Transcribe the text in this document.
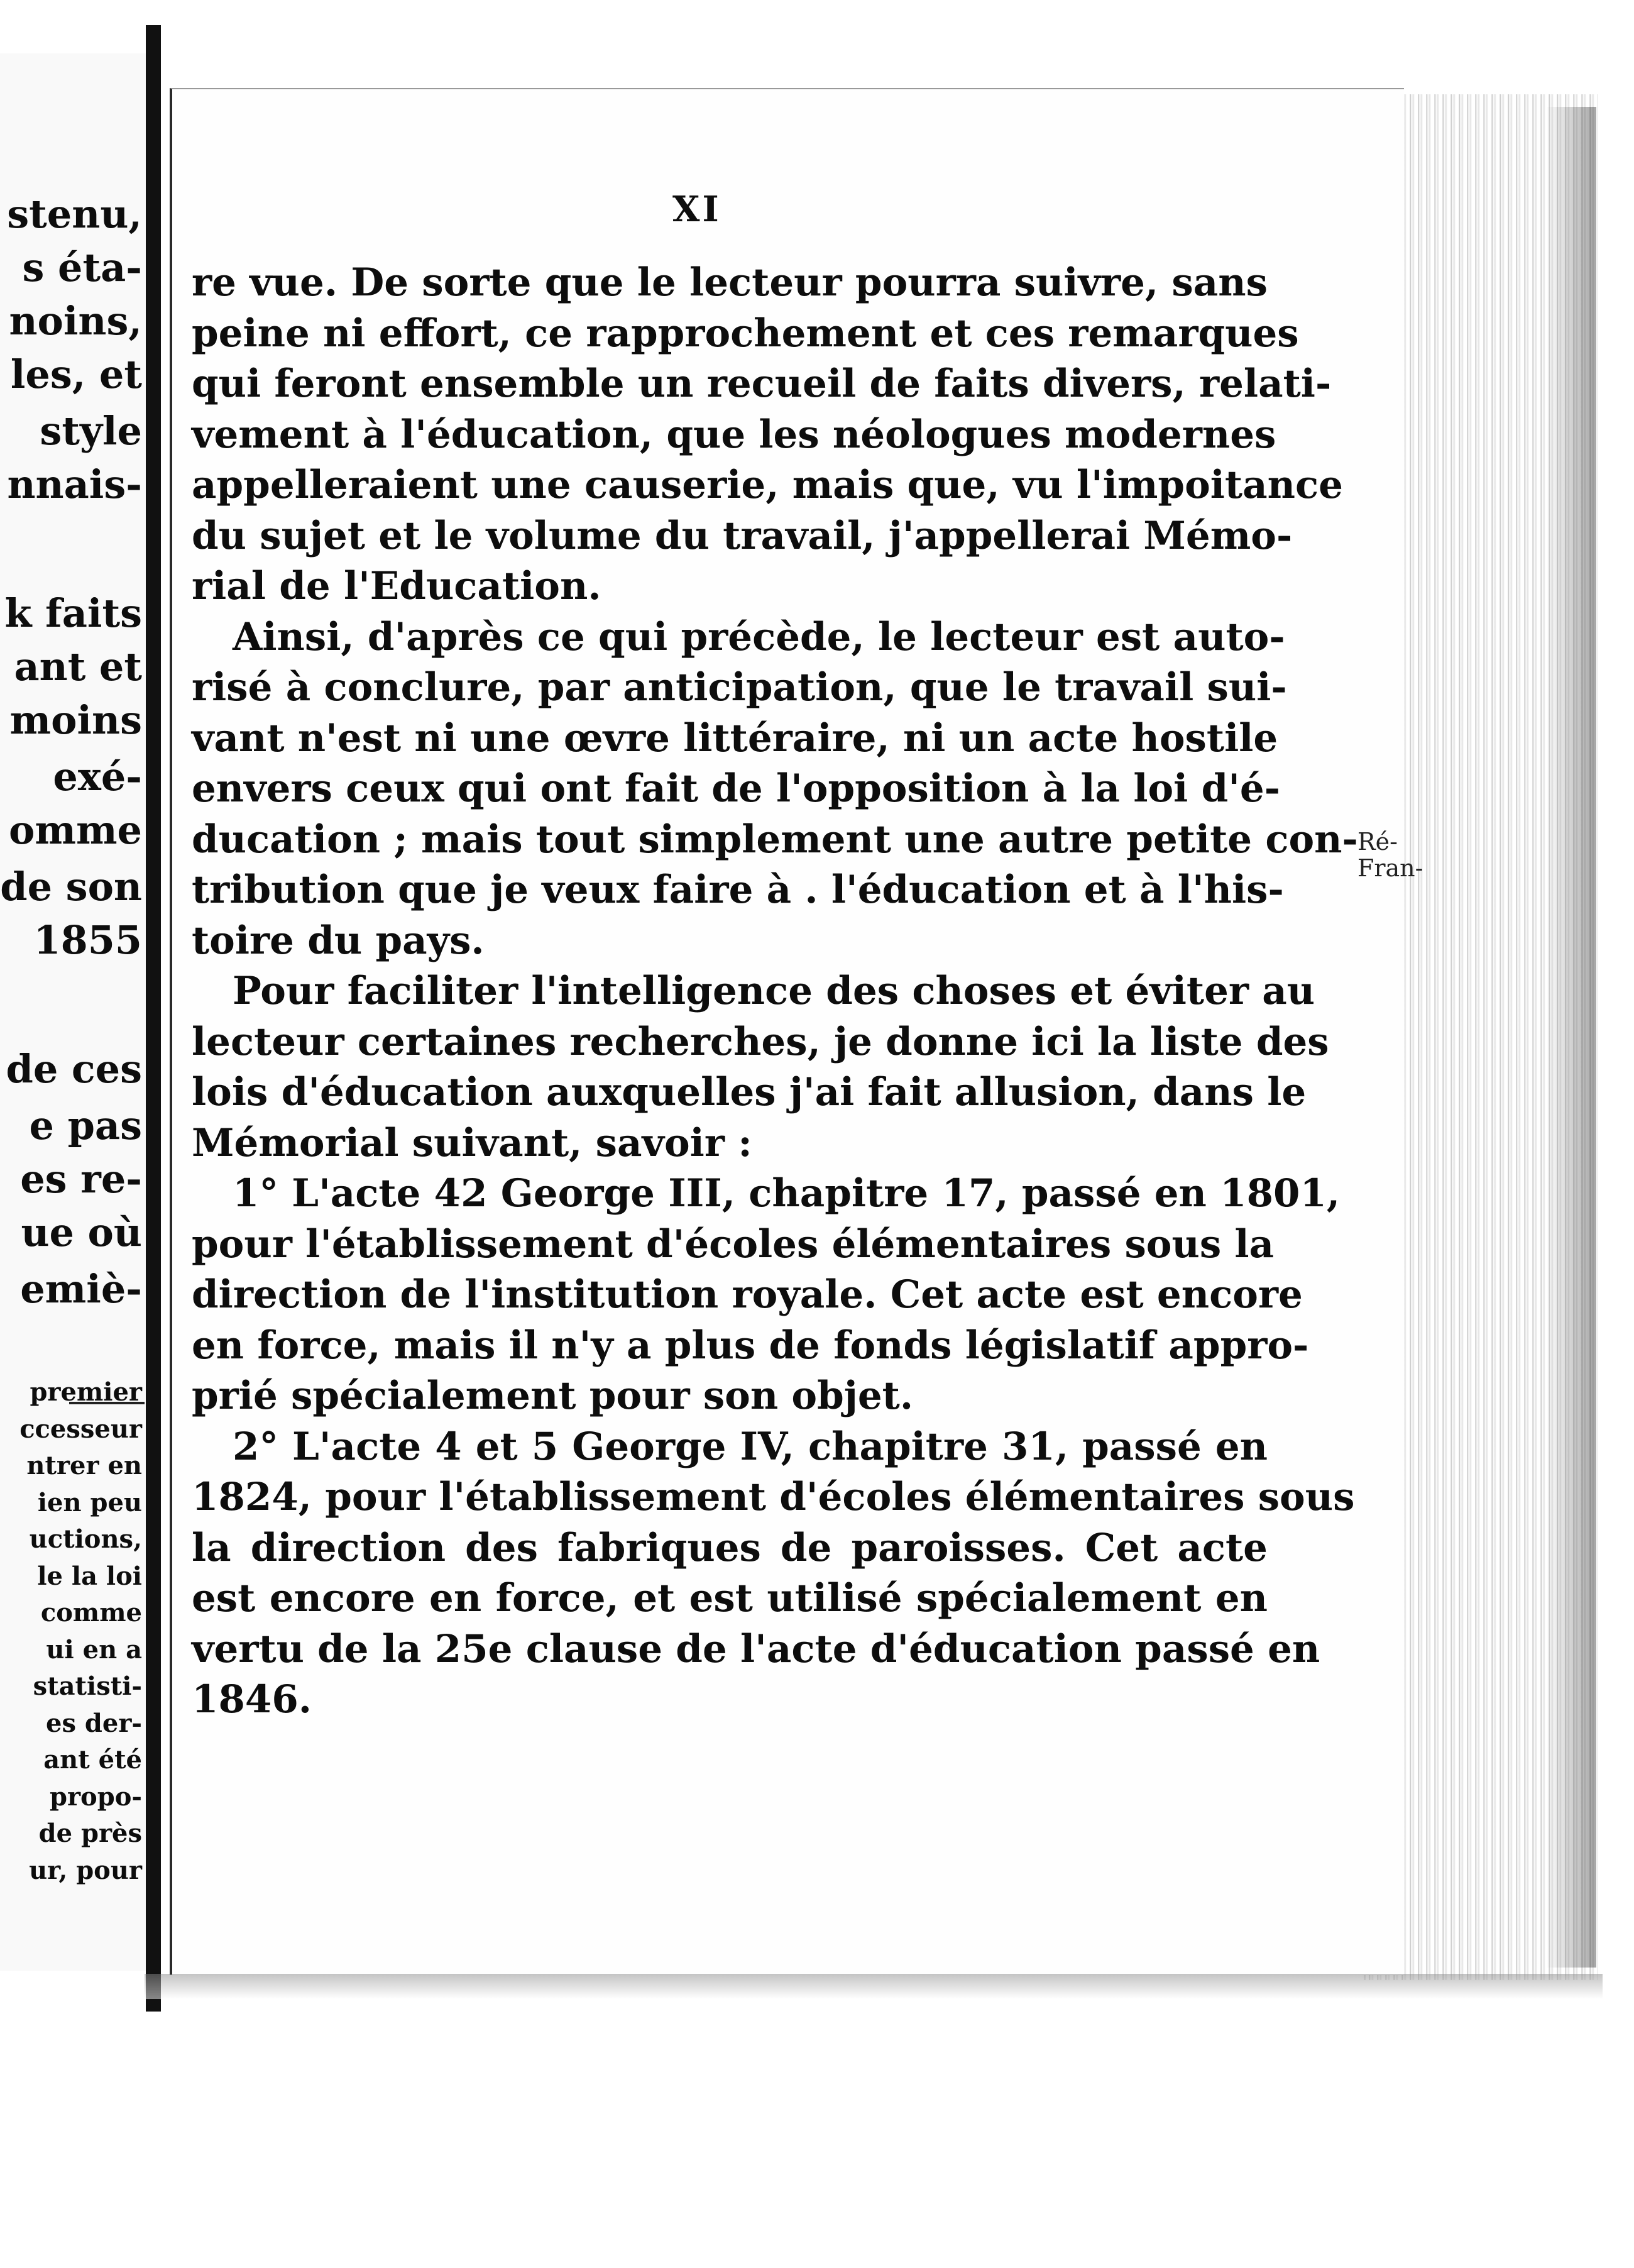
stenu,
s éta-
noins,
les, et
style
nnais-
k faits
ant et
moins
exé-
omme
de son
1855
de ces
e pas
es re-
ue où
emiè-
premier
ccesseur
ntrer en
ien peu
uctions,
le la loi
comme
ui en a
statisti-
es der-
ant été
propo-
de près
ur, pour
XI

re vue. De sorte que le lecteur pourra suivre, sans
peine ni effort, ce rapprochement et ces remarques
qui feront ensemble un recueil de faits divers, relati-
vement à l'éducation, que les néologues modernes
appelleraient une causerie, mais que, vu l'impoitance
du sujet et le volume du travail, j'appellerai Mémo-
rial de l'Education.

Ainsi, d'après ce qui précède, le lecteur est auto-
risé à conclure, par anticipation, que le travail sui-
vant n'est ni une œvre littéraire, ni un acte hostile
envers ceux qui ont fait de l'opposition à la loi d'é-
ducation ; mais tout simplement une autre petite con-
tribution que je veux faire à . l'éducation et à l'his-
toire du pays.

Pour faciliter l'intelligence des choses et éviter au
lecteur certaines recherches, je donne ici la liste des
lois d'éducation auxquelles j'ai fait allusion, dans le
Mémorial suivant, savoir :

1° L'acte 42 George III, chapitre 17, passé en 1801,
pour l'établissement d'écoles élémentaires sous la
direction de l'institution royale. Cet acte est encore
en force, mais il n'y a plus de fonds législatif appro-
prié spécialement pour son objet.

2° L'acte 4 et 5 George IV, chapitre 31, passé en
1824, pour l'établissement d'écoles élémentaires sous
la direction des fabriques de paroisses. Cet acte
est encore en force, et est utilisé spécialement en
vertu de la 25e clause de l'acte d'éducation passé en
1846.

Ré-
Fran-
